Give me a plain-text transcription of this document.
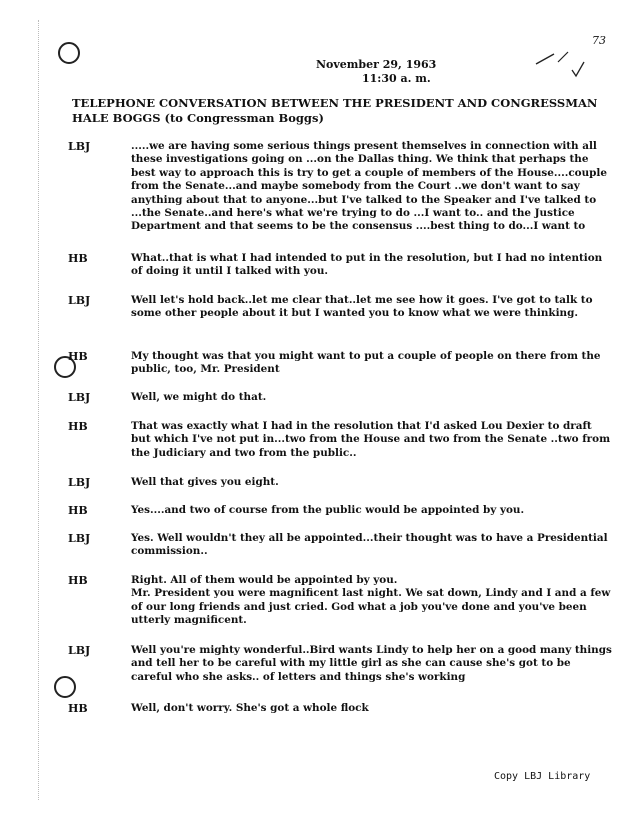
73
November 29, 1963
11:30 a. m.
TELEPHONE CONVERSATION BETWEEN THE PRESIDENT AND CONGRESSMAN HALE BOGGS (to Congressman Boggs)
LBJ	.....we are having some serious things present themselves in connection with all these investigations going on ...on the Dallas thing. We think that perhaps the best way to approach this is try to get a couple of members of the House....couple from the Senate...and maybe somebody from the Court ..we don't want to say anything about that to anyone...but I've talked to the Speaker and I've talked to ...the Senate..and here's what we're trying to do ...I want to.. and the Justice Department and that seems to be the consensus ....best thing to do...I want to
HB	What..that is what I had intended to put in the resolution, but I had no intention of doing it until I talked with you.
LBJ	Well let's hold back..let me clear that..let me see how it goes. I've got to talk to some other people about it but I wanted you to know what we were thinking.
HB	My thought was that you might want to put a couple of people on there from the public, too, Mr. President
LBJ	Well, we might do that.
HB	That was exactly what I had in the resolution that I'd asked Lou Dexier to draft but which I've not put in...two from the House and two from the Senate ..two from the Judiciary and two from the public..
LBJ	Well that gives you eight.
HB	Yes....and two of course from the public would be appointed by you.
LBJ	Yes. Well wouldn't they all be appointed...their thought was to have a Presidential commission..
HB	Right. All of them would be appointed by you.
Mr. President you were magnificent last night. We sat down, Lindy and I and a few of our long friends and just cried. God what a job you've done and you've been utterly magnificent.
LBJ	Well you're mighty wonderful..Bird wants Lindy to help her on a good many things and tell her to be careful with my little girl as she can cause she's got to be careful who she asks.. of letters and things she's working
HB	Well, don't worry. She's got a whole flock
Copy LBJ Library
